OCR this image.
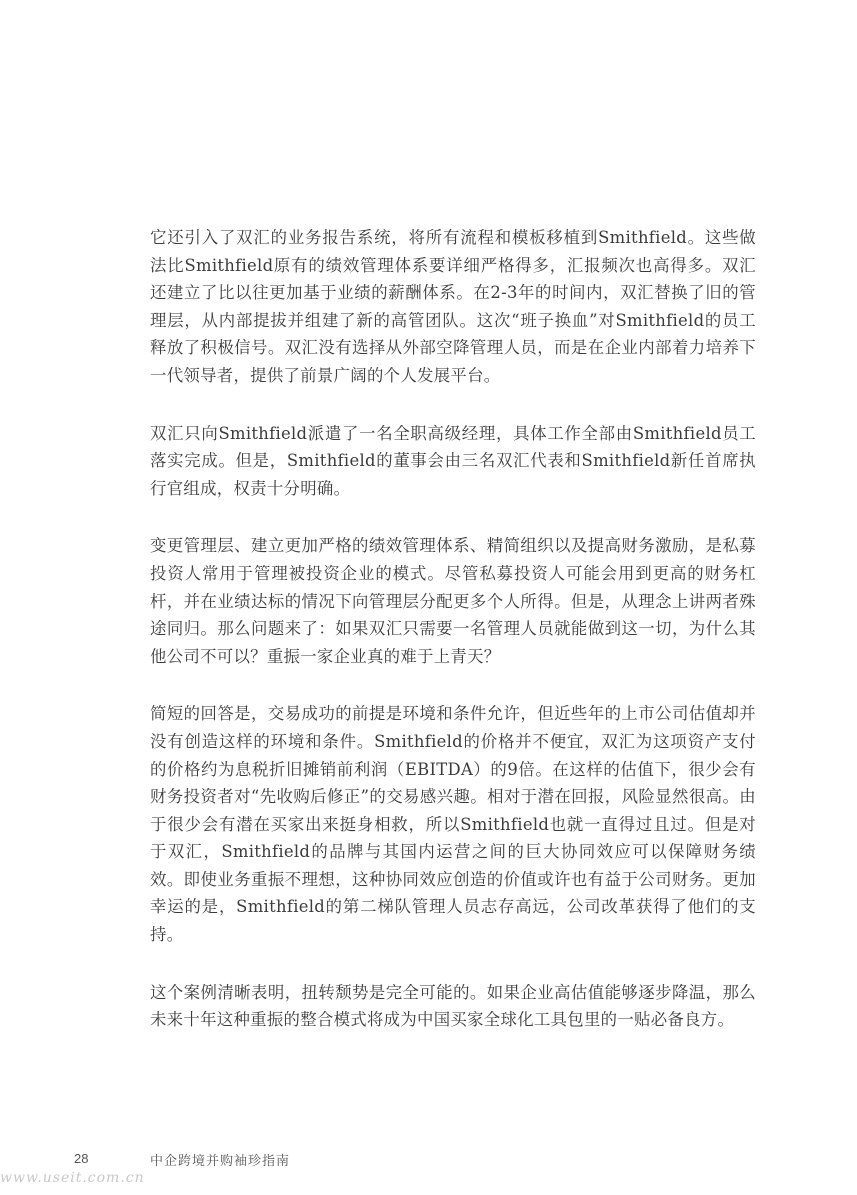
它还引入了双汇的业务报告系统，将所有流程和模板移植到Smithfield。这些做法比Smithfield原有的绩效管理体系要详细严格得多，汇报频次也高得多。双汇还建立了比以往更加基于业绩的薪酬体系。在2-3年的时间内，双汇替换了旧的管理层，从内部提拔并组建了新的高管团队。这次“班子换血”对Smithfield的员工释放了积极信号。双汇没有选择从外部空降管理人员，而是在企业内部着力培养下一代领导者，提供了前景广阔的个人发展平台。

双汇只向Smithfield派遣了一名全职高级经理，具体工作全部由Smithfield员工落实完成。但是，Smithfield的董事会由三名双汇代表和Smithfield新任首席执行官组成，权责十分明确。

变更管理层、建立更加严格的绩效管理体系、精简组织以及提高财务激励，是私募投资人常用于管理被投资企业的模式。尽管私募投资人可能会用到更高的财务杠杆，并在业绩达标的情况下向管理层分配更多个人所得。但是，从理念上讲两者殊途同归。那么问题来了：如果双汇只需要一名管理人员就能做到这一切，为什么其他公司不可以？重振一家企业真的难于上青天？

简短的回答是，交易成功的前提是环境和条件允许，但近些年的上市公司估值却并没有创造这样的环境和条件。Smithfield的价格并不便宜，双汇为这项资产支付的价格约为息税折旧摊销前利润（EBITDA）的9倍。在这样的估值下，很少会有财务投资者对“先收购后修正”的交易感兴趣。相对于潜在回报，风险显然很高。由于很少会有潜在买家出来挺身相救，所以Smithfield也就一直得过且过。但是对于双汇，Smithfield的品牌与其国内运营之间的巨大协同效应可以保障财务绩效。即使业务重振不理想，这种协同效应创造的价值或许也有益于公司财务。更加幸运的是，Smithfield的第二梯队管理人员志存高远，公司改革获得了他们的支持。

这个案例清晰表明，扭转颓势是完全可能的。如果企业高估值能够逐步降温，那么未来十年这种重振的整合模式将成为中国买家全球化工具包里的一贴必备良方。

28	中企跨境并购袖珍指南
www.useit.com.cn
